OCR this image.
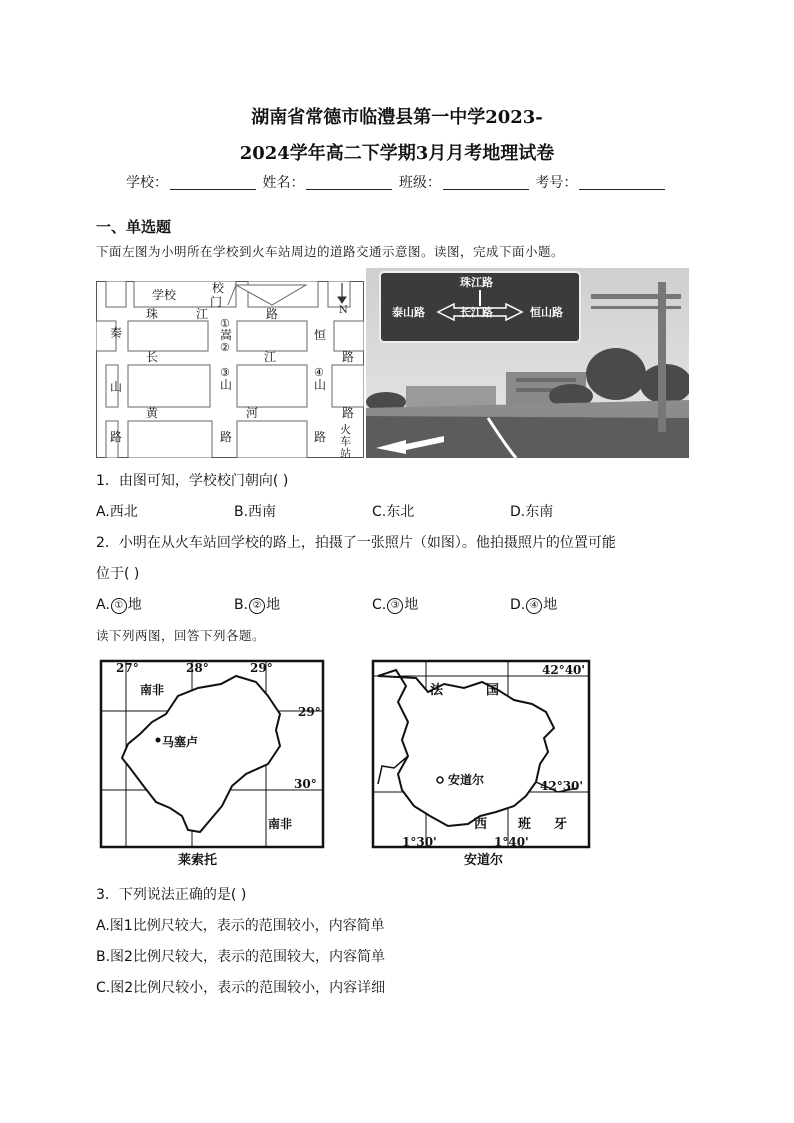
湖南省常德市临澧县第一中学2023-
2024学年高二下学期3月月考地理试卷
学校：	姓名：	班级：	考号：
一、单选题
下面左图为小明所在学校到火车站周边的道路交通示意图。读图，完成下面小题。
学校	校
门
N
珠	江	路
秦
山
路
长	江	路
黄	河	路
①
嵩
②
③
山
路
恒
④
山
路
火
车
站
珠江路
泰山路	长江路	恒山路
1．由图可知，学校校门朝向( )
A.西北	B.西南	C.东北	D.东南
2．小明在从火车站回学校的路上，拍摄了一张照片（如图）。他拍摄照片的位置可能
位于( )
A. ① 地	B. ② 地	C. ③ 地	D. ④ 地
读下列两图，回答下列各题。
27°	28°	29°
29°
30°
南非
马塞卢
南非
莱索托
42°40'
42°30'
1°30'	1°40'
法	国
安道尔
西 班 牙
安道尔
3．下列说法正确的是( )
A.图1比例尺较大，表示的范围较小，内容简单
B.图2比例尺较大，表示的范围较大，内容简单
C.图2比例尺较小，表示的范围较小，内容详细
